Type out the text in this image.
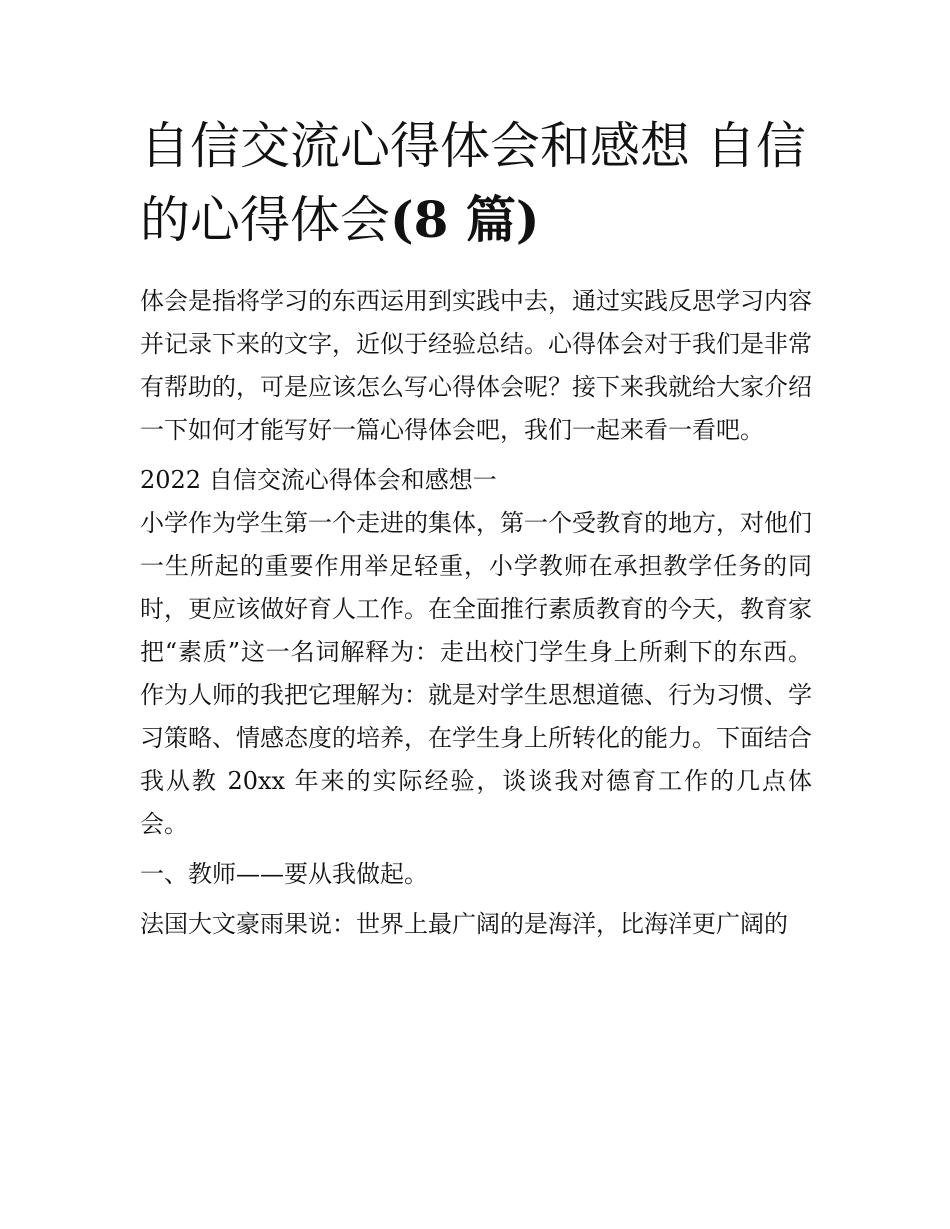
自信交流心得体会和感想 自信
的心得体会(8 篇)

体会是指将学习的东西运用到实践中去，通过实践反思学习内容并记录下来的文字，近似于经验总结。心得体会对于我们是非常有帮助的，可是应该怎么写心得体会呢？接下来我就给大家介绍一下如何才能写好一篇心得体会吧，我们一起来看一看吧。

2022 自信交流心得体会和感想一

小学作为学生第一个走进的集体，第一个受教育的地方，对他们一生所起的重要作用举足轻重，小学教师在承担教学任务的同时，更应该做好育人工作。在全面推行素质教育的今天，教育家把“素质”这一名词解释为：走出校门学生身上所剩下的东西。作为人师的我把它理解为：就是对学生思想道德、行为习惯、学习策略、情感态度的培养，在学生身上所转化的能力。下面结合我从教 20xx 年来的实际经验，谈谈我对德育工作的几点体会。

一、教师——要从我做起。

法国大文豪雨果说：世界上最广阔的是海洋，比海洋更广阔的
